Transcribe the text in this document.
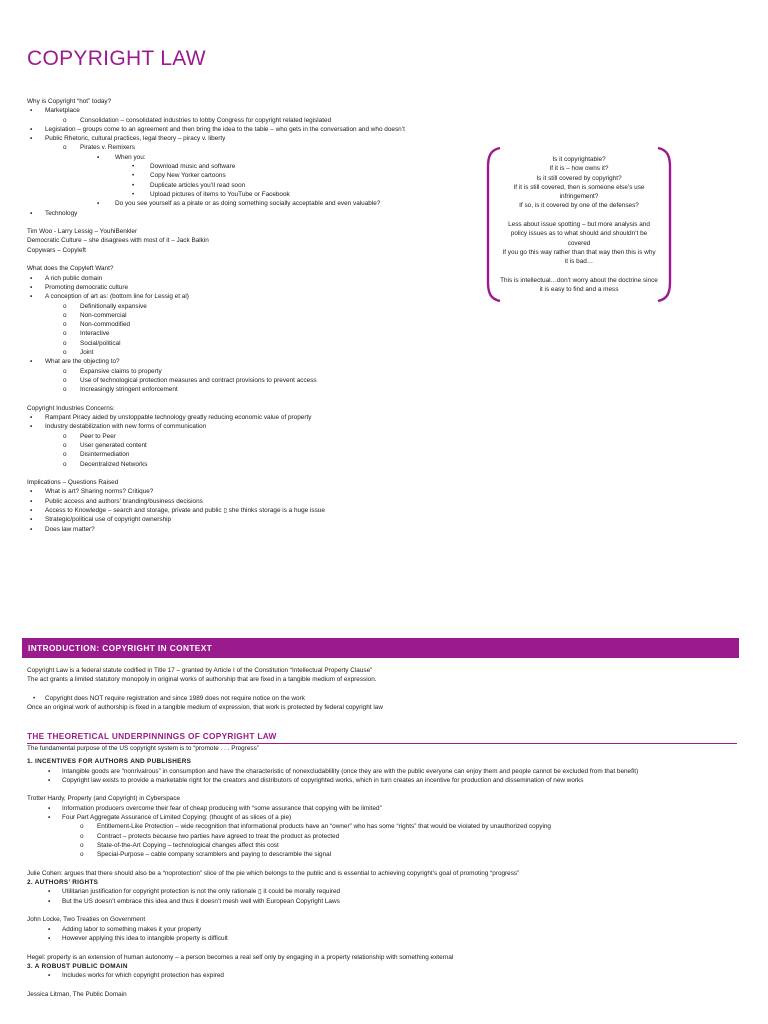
COPYRIGHT LAW
Why is Copyright “hot” today?
▪ Marketplace
o Consolidation – consolidated industries to lobby Congress for copyright related legislated
▪ Legislation – groups come to an agreement and then bring the idea to the table – who gets in the conversation and who doesn’t
▪ Public Rhetoric, cultural practices, legal theory – piracy v. liberty
o Pirates v. Remixers
▪ When you:
• Download music and software
• Copy New Yorker cartoons
• Duplicate articles you’ll read soon
• Upload pictures of items to YouTube or Facebook
▪ Do you see yourself as a pirate or as doing something socially acceptable and even valuable?
▪ Technology
Tim Woo - Larry Lessig – YouhiBenkler
Democratic Culture – she disagrees with most of it – Jack Balkin
Copywars – Copyleft
What does the Copyleft Want?
▪ A rich public domain
▪ Promoting democratic culture
▪ A conception of art as: (bottom line for Lessig et al)
o Definitionally expansive
o Non-commercial
o Non-commodified
o Interactive
o Social/political
o Joint
▪ What are the objecting to?
o Expansive claims to property
o Use of technological protection measures and contract provisions to prevent access
o Increasingly stringent enforcement
Copyright Industries Concerns:
▪ Rampant Piracy aided by unstoppable technology greatly reducing economic value of property
▪ Industry destabilization with new forms of communication
o Peer to Peer
o User generated content
o Disintermediation
o Decentralized Networks
Implications – Questions Raised
▪ What is art? Sharing norms? Critique?
▪ Public access and authors’ branding/business decisions
▪ Access to Knowledge – search and storage, private and public ▯ she thinks storage is a huge issue
▪ Strategic/political use of copyright ownership
▪ Does law matter?
Is it copyrightable?
If it is – how owns it?
Is it still covered by copyright?
If it is still covered, then is someone else’s use infringement?
If so, is it covered by one of the defenses?
Less about issue spotting – but more analysis and policy issues as to what should and shouldn’t be covered
If you go this way rather than that way then this is why it is bad…
This is intellectual…don’t worry about the doctrine since it is easy to find and a mess
INTRODUCTION: COPYRIGHT IN CONTEXT
Copyright Law is a federal statute codified in Title 17 – granted by Article I of the Constitution “Intellectual Property Clause”
The act grants a limited statutory monopoly in original works of authorship that are fixed in a tangible medium of expression.
• Copyright does NOT require registration and since 1989 does not require notice on the work
Once an original work of authorship is fixed in a tangible medium of expression, that work is protected by federal copyright law
THE THEORETICAL UNDERPINNINGS OF COPYRIGHT LAW
The fundamental purpose of the US copyright system is to “promote . . . Progress”
1. INCENTIVES FOR AUTHORS AND PUBLISHERS
▪ Intangible goods are “nonrivalrous” in consumption and have the characteristic of nonexcludablility (once they are with the public everyone can enjoy them and people cannot be excluded from that benefit)
▪ Copyright law exists to provide a marketable right for the creators and distributors of copyrighted works, which in turn creates an incentive for production and dissemination of new works
Trotter Hardy, Property (and Copyright) in Cyberspace
▪ Information producers overcome their fear of cheap producing with “some assurance that copying with be limited”
▪ Four Part Aggregate Assurance of Limited Copying: (thought of as slices of a pie)
o Entitlement-Like Protection – wide recognition that informational products have an “owner” who has some “rights” that would be violated by unauthorized copying
o Contract – protects because two parties have agreed to treat the product as protected
o State-of-the-Art Copying – technological changes affect this cost
o Special-Purpose – cable company scramblers and paying to descramble the signal
Julie Cohen: argues that there should also be a “noprotection” slice of the pie which belongs to the public and is essential to achieving copyright’s goal of promoting “progress”
2. AUTHORS’ RIGHTS
▪ Utilitarian justification for copyright protection is not the only rationale ▯ it could be morally required
▪ But the US doesn’t embrace this idea and thus it doesn’t mesh well with European Copyright Laws
John Locke, Two Treaties on Government
▪ Adding labor to something makes it your property
▪ However applying this idea to intangible property is difficult
Hegel: property is an extension of human autonomy – a person becomes a real self only by engaging in a property relationship with something external
3. A ROBUST PUBLIC DOMAIN
▪ Includes works for which copyright protection has expired
Jessica Litman, The Public Domain
